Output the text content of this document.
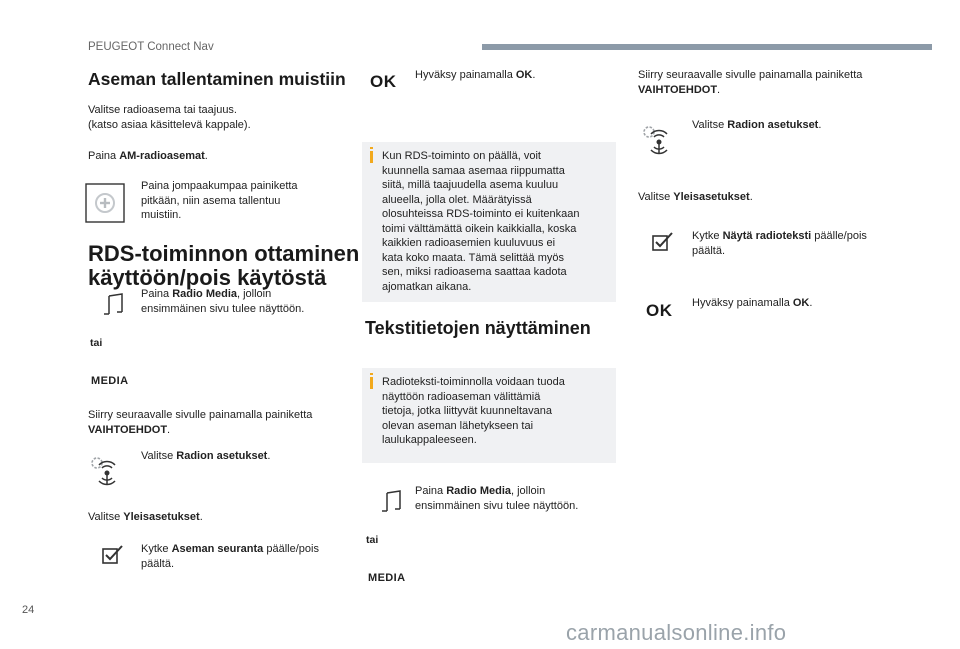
PEUGEOT Connect Nav
Aseman tallentaminen muistiin

Valitse radioasema tai taajuus.

(katso asiaa käsittelevä kappale).

Paina AM-radioasemat.

Paina jompaakumpaa painiketta

pitkään, niin asema tallentuu

muistiin.

RDS-toiminnon ottaminen
käyttöön/pois käytöstä

Paina Radio Media, jolloin

ensimmäinen sivu tulee näyttöön.

tai
MEDIA

Siirry seuraavalle sivulle painamalla painiketta

VAIHTOEHDOT.

Valitse Radion asetukset.
Valitse Yleisasetukset.

Kytke Aseman seuranta päälle/pois

päältä.

OK Hyväksy painamalla OK.

Kun RDS-toiminto on päällä, voit

kuunnella samaa asemaa riippumatta

siitä, millä taajuudella asema kuuluu

alueella, jolla olet. Määrätyissä

olosuhteissa RDS-toiminto ei kuitenkaan

toimi välttämättä oikein kaikkialla, koska

kaikkien radioasemien kuuluvuus ei

kata koko maata. Tämä selittää myös

sen, miksi radioasema saattaa kadota

ajomatkan aikana.

Tekstitietojen näyttäminen

Radioteksti-toiminnolla voidaan tuoda

näyttöön radioaseman välittämiä

tietoja, jotka liittyvät kuunneltavana

olevan aseman lähetykseen tai

laulukappaleeseen.

Paina Radio Media, jolloin

ensimmäinen sivu tulee näyttöön.

tai
MEDIA

Siirry seuraavalle sivulle painamalla painiketta

VAIHTOEHDOT.

Valitse Radion asetukset.
Valitse Yleisasetukset.

Kytke Näytä radioteksti päälle/pois

päältä.

OK Hyväksy painamalla OK.
24
carmanualsonline.info
